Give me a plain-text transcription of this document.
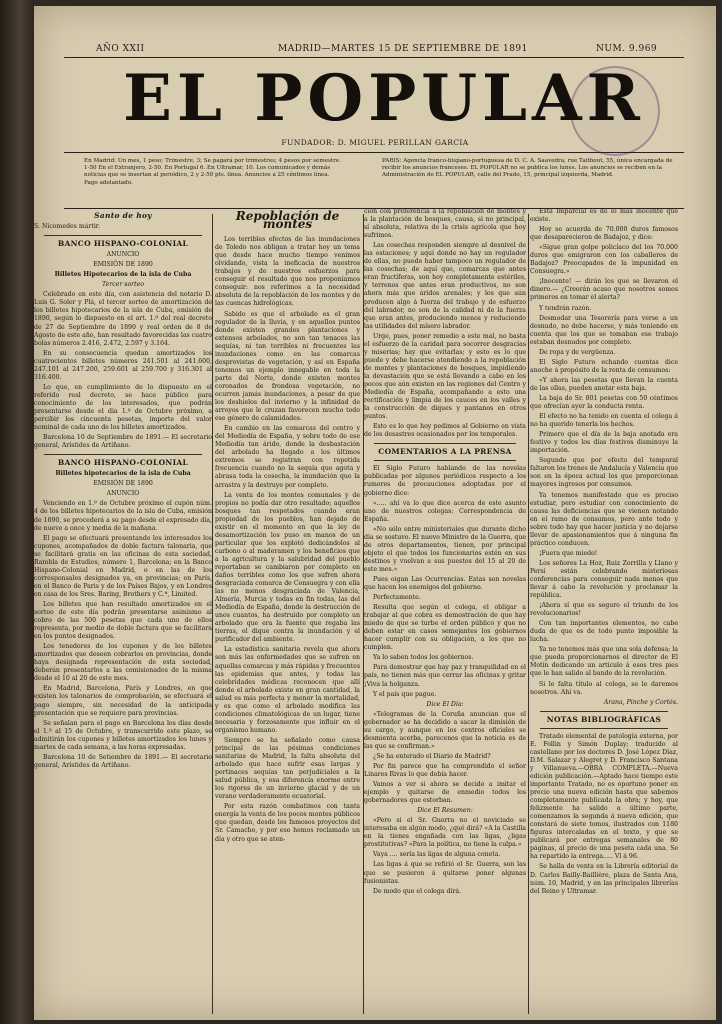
AÑO XXII	MADRID—MARTES 15 DE SEPTIEMBRE DE 1891	NUM. 9.969
EL POPULAR
FUNDADOR: D. MIGUEL PERILLAN GARCIA
En Madrid: Un mes, 1 peso; Trimestre, 3; Se pagará por trimestres; 4 pesos por semestre. 1-50 En el Extranjero, 2-50. En Portugal 6. En Ultramar, 10. Los comunicados y demás noticias que se insertan al periódico, 2 y 2-50 pts. línea. Anuncios a 25 céntimos línea. Pago adelantado.
PARIS: Agencia franco-hispano-portuguesa de D. C. A. Saavedra, rue Taitbout, 55, única encargada de recibir los anuncios franceses. EL POPULAR no se publica los lunes. Los anuncios se reciben en la Administración de EL POPULAR, calle del Prado, 15, principal izquierda, Madrid.
Santo de hoy
S. Nicomedes mártir.
BANCO HISPANO-COLONIAL
ANUNCIO
EMISIÓN DE 1890
Billetes Hipotecarios de la isla de Cuba
Tercer sorteo

Celebrado en este día, con asistencia del notario D. Luis G. Soler y Plá, el tercer sorteo de amortización de los billetes hipotecarios de la isla de Cuba, emisión de 1890, según lo dispuesto en el art. 1.º del real decreto de 27 de Septiembre de 1890 y real orden de 8 de Agosto de este año, han resultado favorecidas las cuatro bolas números 2.416, 2.472, 2.597 y 3.164.

En su consecuencia quedan amortizados los cuatrocientos billetes números 241.501 al 241.600, 247.101 al 247.200, 259.601 al 259.700 y 316.301 al 316.400.

Lo que, en cumplimiento de lo dispuesto en el referido real decreto, se hace público para conocimiento de los interesados, que podrán presentarse desde el día 1.º de Octubre próximo, a percibir los cincuenta pesetas, importe del valor nominal de cada uno de los billetes amortizados.

Barcelona 10 de Septiembre de 1891.— El secretario general, Arístides de Artíñano.

BANCO HISPANO-COLONIAL
Billetes hipotecarios de la isla de Cuba
EMISIÓN DE 1890
ANUNCIO

Venciendo en 1.º de Octubre próximo el cupón núm. 4 de los billetes hipotecarios de la isla de Cuba, emisión de 1890, se procederá a su pago desde el expresado día, de nueve a once y media de la mañana.

El pago se efectuará presentando los interesados los cupones, acompañados de doble factura talonaria, que se facilitará gratis en las oficinas de esta sociedad, Rambla de Estudios, número 1, Barcelona; en la Banco Hispano-Colonial en Madrid, o en las de los corresponsales designados ya, en provincias; en París, en el Banco de Paris y de los Países Bajos, y en Londres en casa de los Sres. Baring, Brothers y C.ª, Limited.

Los billetes que han resultado amortizados en el sorteo de este día podrán presentarse asimismo al cobro de las 500 pesetas que cada uno de ellos representa, por medio de doble factura que se facilitará en los puntos designados.

Los tenedores de los cupones y de los billetes amortizados que deseen cobrarlos en provincias, donde haya designada representación de esta sociedad, deberán presentarlos a las comisionados de la misma desde el 10 al 20 de este mes.

En Madrid, Barcelona, París y Londres, en que existen los talonarios de comprobación, se efectuará el pago siempre, sin necesidad de la anticipada presentación que se requiere para provincias.

Se señalan para el pago en Barcelona los días desde el 1.º al 15 de Octubre, y transcurrido este plazo, se admitirán los cupones y billetes amortizados los lunes y martes de cada semana, a las horas expresadas.

Barcelona 10 de Setiembre de 1891.— El secretario general, Arístides de Artíñano.

Repoblación de montes

Los terribles efectos de las inundaciones de Toledo nos obligan a tratar hoy un tema que desde hace mucho tiempo venimos olvidando, vista la ineficacia de nuestros trabajos y de nuestros esfuerzos para conseguir el resultado que nos proponíamos conseguir: nos referimos a la necesidad absoluta de la repoblación de los montes y de las cuencas hidrológicas.

Sabido es que el arbolado es el gran regulador de la lluvia, y en aquellos puntos donde existen grandes plantaciones y extensos arbolados, no son tan tenaces las sequías, ni tan terribles ni frecuentes las inundaciones como en las comarcas desprovistas de vegetación, y así en España tenemos un ejemplo innegable en toda la parte del Norte, donde existen montes coronados de frondosa vegetación, no ocurren jamás inundaciones, a pesar de que los deshielos del invierno y la infinidad de arroyos que le cruzan favorecen mucho todo ese género de calamidades.

En cambio en las comarcas del centro y del Mediodía de España, y sobre todo de ese Mediodía tan árido, donde la desbastación del arbolado ha llegado a los últimos extremos se registran con repetida frecuencia cuando no la sequía que agota y abrasa toda la cosecha, la inundación que la arrastra y la destruye por completo.

La venta de los montes comunales y de propios no podía dar otro resultado; aquellos bosques tan respetados cuando eran propiedad de los pueblos, han dejado de existir en el momento en que la ley de desamortización los puso en manos de un particular que los explotó dedicándolos al carbono o al maderamen y los beneficios que a la agricultura y la salubridad del pueblo reportaban se cambiaron por completo en daños terribles como los que sufren ahora desgraciada comarca de Consuegra y con ella las no menos desgraciada de Valencia, Almería, Murcia y todas en fin todas, las del Mediodía de España, donde la destrucción de unos cuantos, ha destruido por completo un arbolado que era la fuente que regaba las tierras, el dique contra la inundación y el purificador del ambiente.

La estadística sanitaria revela que ahora son más las enfermedades que se sufren en aquellas comarcas y más rápidas y frecuentes las epidemias que antes, y todas las celebridades médicas reconocen que allí donde el arbolado existe en gran cantidad, la salud es más perfecta y menor la mortalidad, y es que como el arbolado modifica las condiciones climatológicas de un lugar, tiene necesaria y forzosamente que influir en el organismo humano.

Siempre se ha señalado como causa principal de las pésimas condiciones sanitarias de Madrid, la falta absoluta del arbolado que hace sufrir esas largas y pertinaces sequías tan perjudiciales a la salud pública, y esa diferencia enorme entre los rigores de un invierno glacial y de un verano verdaderamente ecuatorial.

Por esta razón combatimos con tanta energía la venta de los pocos montes públicos que quedan, desde los famosos proyectos del Sr. Camacho, y por eso hemos reclamado un día y otro que se aten-

ción con preferencia a la repoblación de montes y a la plantación de bosques, causa, si no principal, sí absoluta, relativa de la crisis agrícola que hoy sufrimos.

Las cosechas responden siempre al desnivel de las estaciones; y aquí donde no hay un regulador de ellas, no puede haber tampoco un regulador de las cosechas; de aquí que, comarcas que antes eran fructíferas, son hoy completamente estériles, y terrenos que antes eran productivos, no son ahora más que áridos arenales; y los que aún producen algo á fuerza del trabajo y de esfuerzo del labrador, no son de la calidad ni de la fuerza que eran antes, produciendo menos y reduciendo las utilidades del mísero labrador.

Urge, pues, poner remedio a este mal, no basta el esfuerzo de la caridad para socorrer desgracias y miserias; hay que evitarlas; y esto es lo que puede y debe hacerse atendiendo a la repoblación de montes y plantaciones de bosques, impidiendo la devastación que se está llevando a cabo en los pocos que aún existen en las regiones del Centro y Mediodía de España, acompañando a esto una rectificación y limpia de los cauces en los valles y la construcción de diques y pantanos en otros puntos.

Esto es lo que hoy pedimos al Gobierno en vista de los desastres ocasionados por los temporales.

COMENTARIOS A LA PRENSA

El Siglo Futuro hablando de las novelas publicadas por algunos periódicos respecto a los rumores de precauciones adoptadas por el gobierno dice:

«..... ahí va lo que dice acerca de este asunto uno de nuestros colegas: Correspondencia de España.

«No sólo entre ministeriales que durante dicho día se sostuvo. El nuevo Ministro de la Guerra, que de otros departamentos, tienen, por principal objeto el que todos los funcionarios estén en sus destinos y vuelvan a sus puestos del 15 al 20 de este mes.»

Pues oigan Las Ocurrencias. Estas son novelas que hacen los enemigos del gobierno.

Perfectamente.

Resulta que según el colega, el obligar a trabajar al que cobra es demostración de que hay miedo de que se turbe el orden público y que no deben estar en casos semejantes los gobiernos hacer cumplir con su obligación, a los que no cumplen.

Ya lo saben todos los gobiernos.

Para demostrar que hay paz y tranquilidad en el país, no tienen más que cerrar las oficinas y gritar ¡Viva la holganza.

Y el país que pague.

Dice El Día:

«Telegramas de la Coruña anuncian que el gobernador se ha decidido a sacar la dimisión de su cargo, y aunque en los centros oficiales se desmienta acerba, parecenos que la noticia es de las que se confirman.»

¿Se ha enterado el Diario de Madrid?

Por fin parece que ha comprendido el señor Linares Rivas lo que debía hacer.

Vamos a ver si ahora se decide a imitar el ejemplo y quitarse de enmedio todos los gobernadores que estorban.

Dice El Resumen:

«Pero si el Sr. Guerra no el noviciado se interesaba en algún modo, ¿qué dirá? «A la Castilla en la tienes engañada con las ligas, ¿ligas prostitutivas? «Para la política, no tiene la culpa.»

Vaya .... sería las ligas de alguna coneta.

Las ligas á que se refirió el Sr. Guerra, son las que se pusieron á quitarse poner algunas fusionistas.

De modo que el colega dirá.

Esta Imparcial es de lo más inocente que existe.

Hoy se acuerda de 70.000 duros famosos que desaparecieron de Badajoz, y dice:

«Sigue gran golpe policíaco del los 70.000 duros que emigraron con los caballeros de Badajoz? Preocupados de la impunidad en Consuegra.»

¡Inocente! — dirán los que se llevaron el dinero.— ¿Creerán acaso que nosotros somos primeros en tomar el alerta?

Y tendrán razón.

Desmodar una Tesorería para verse a un desnudo, no debe hacerse, y más teniendo en cuenta que los que se tomaban ese trabajo estaban desnudos por completo.

De ropa y de vergüenza.

El Siglo Futuro echando cuentas dice anoche á propósito de la renta de consumos:

«Y ahora las pesetas que llevan la cuenta de las ollas, pueden anotar esta baja.

La baja de Sr. 801 pesetas con 50 céntimos que ofrecían ayer la conducta renta.

El efecto no ha tenido en cuenta el colega á no ha querido tenerla los hechos.

Primero que el día de la baja anotada era festivo y todos los días festivos disminuye la importación.

Segundo que por efecto del temporal faltaron los trenes de Andalucía y Valencia que son en la época actual los que proporcionan mayores ingresos por consumos.

Ya tenemos manifestado que es preciso estudiar, pero estudiar con conocimiento de causa las deficiencias que se vienen notando en el ramo de consumos, pero ante todo y sobre todo hay que hacer justicia y no dejarse llevar de apasionamientos que á ninguna fin práctico conducen.

¡Fuera que miedo!

Los señores La Hoz, Ruiz Zorrilla y Llano y Persi están celebrando misteriosas conferencias para conseguir nada menos que llevar á cabo la revolución y proclamar la república.

¡Ahora sí que es seguro el triunfo de los revolucionarios!

Con tan importantes elementos, no cabe duda de que es de todo punto imposible la lucha.

Ya no tenemos más que una sola defensa; la que pueda proporcionarnos el director de El Motín dedicando un artículo á esos tres pies que le han salido al bando de la revolución.

Si le falta título al colega, se le daremos nosotros. Ahí va.

Arana, Pinche y Cortés.
NOTAS BIBLIOGRÁFICAS

Tratado elemental de patología externa, por E. Follin y Simón Duplay; traducido al castellano por los doctores D. José López Díaz, D.M. Salazar y Alegret y D. Francisco Santana y Villanueva.—OBRA COMPLETA.—Nueva edición publicación.—Aptado hace tiempo este importante Tratado, no es oportuno poner en precio una nueva edición hasta que sabemos completamente publicada la obra; y hoy, que felizmente ha salido a último parte, comenzamos la segunda á nueva edición, que constará de siete tomos, ilustrados con 1180 figuras intercaladas en el texto, y que se publicará por entregas semanales de 80 páginas, al precio de una peseta cada una. Se ha repartido la entrega..... Vl á 96.

Se halla de venta en la Librería editorial de D. Carlos Bailly-Baillière, plaza de Santa Ana, núm. 10, Madrid, y en las principales librerías del Reino y Ultramar.
